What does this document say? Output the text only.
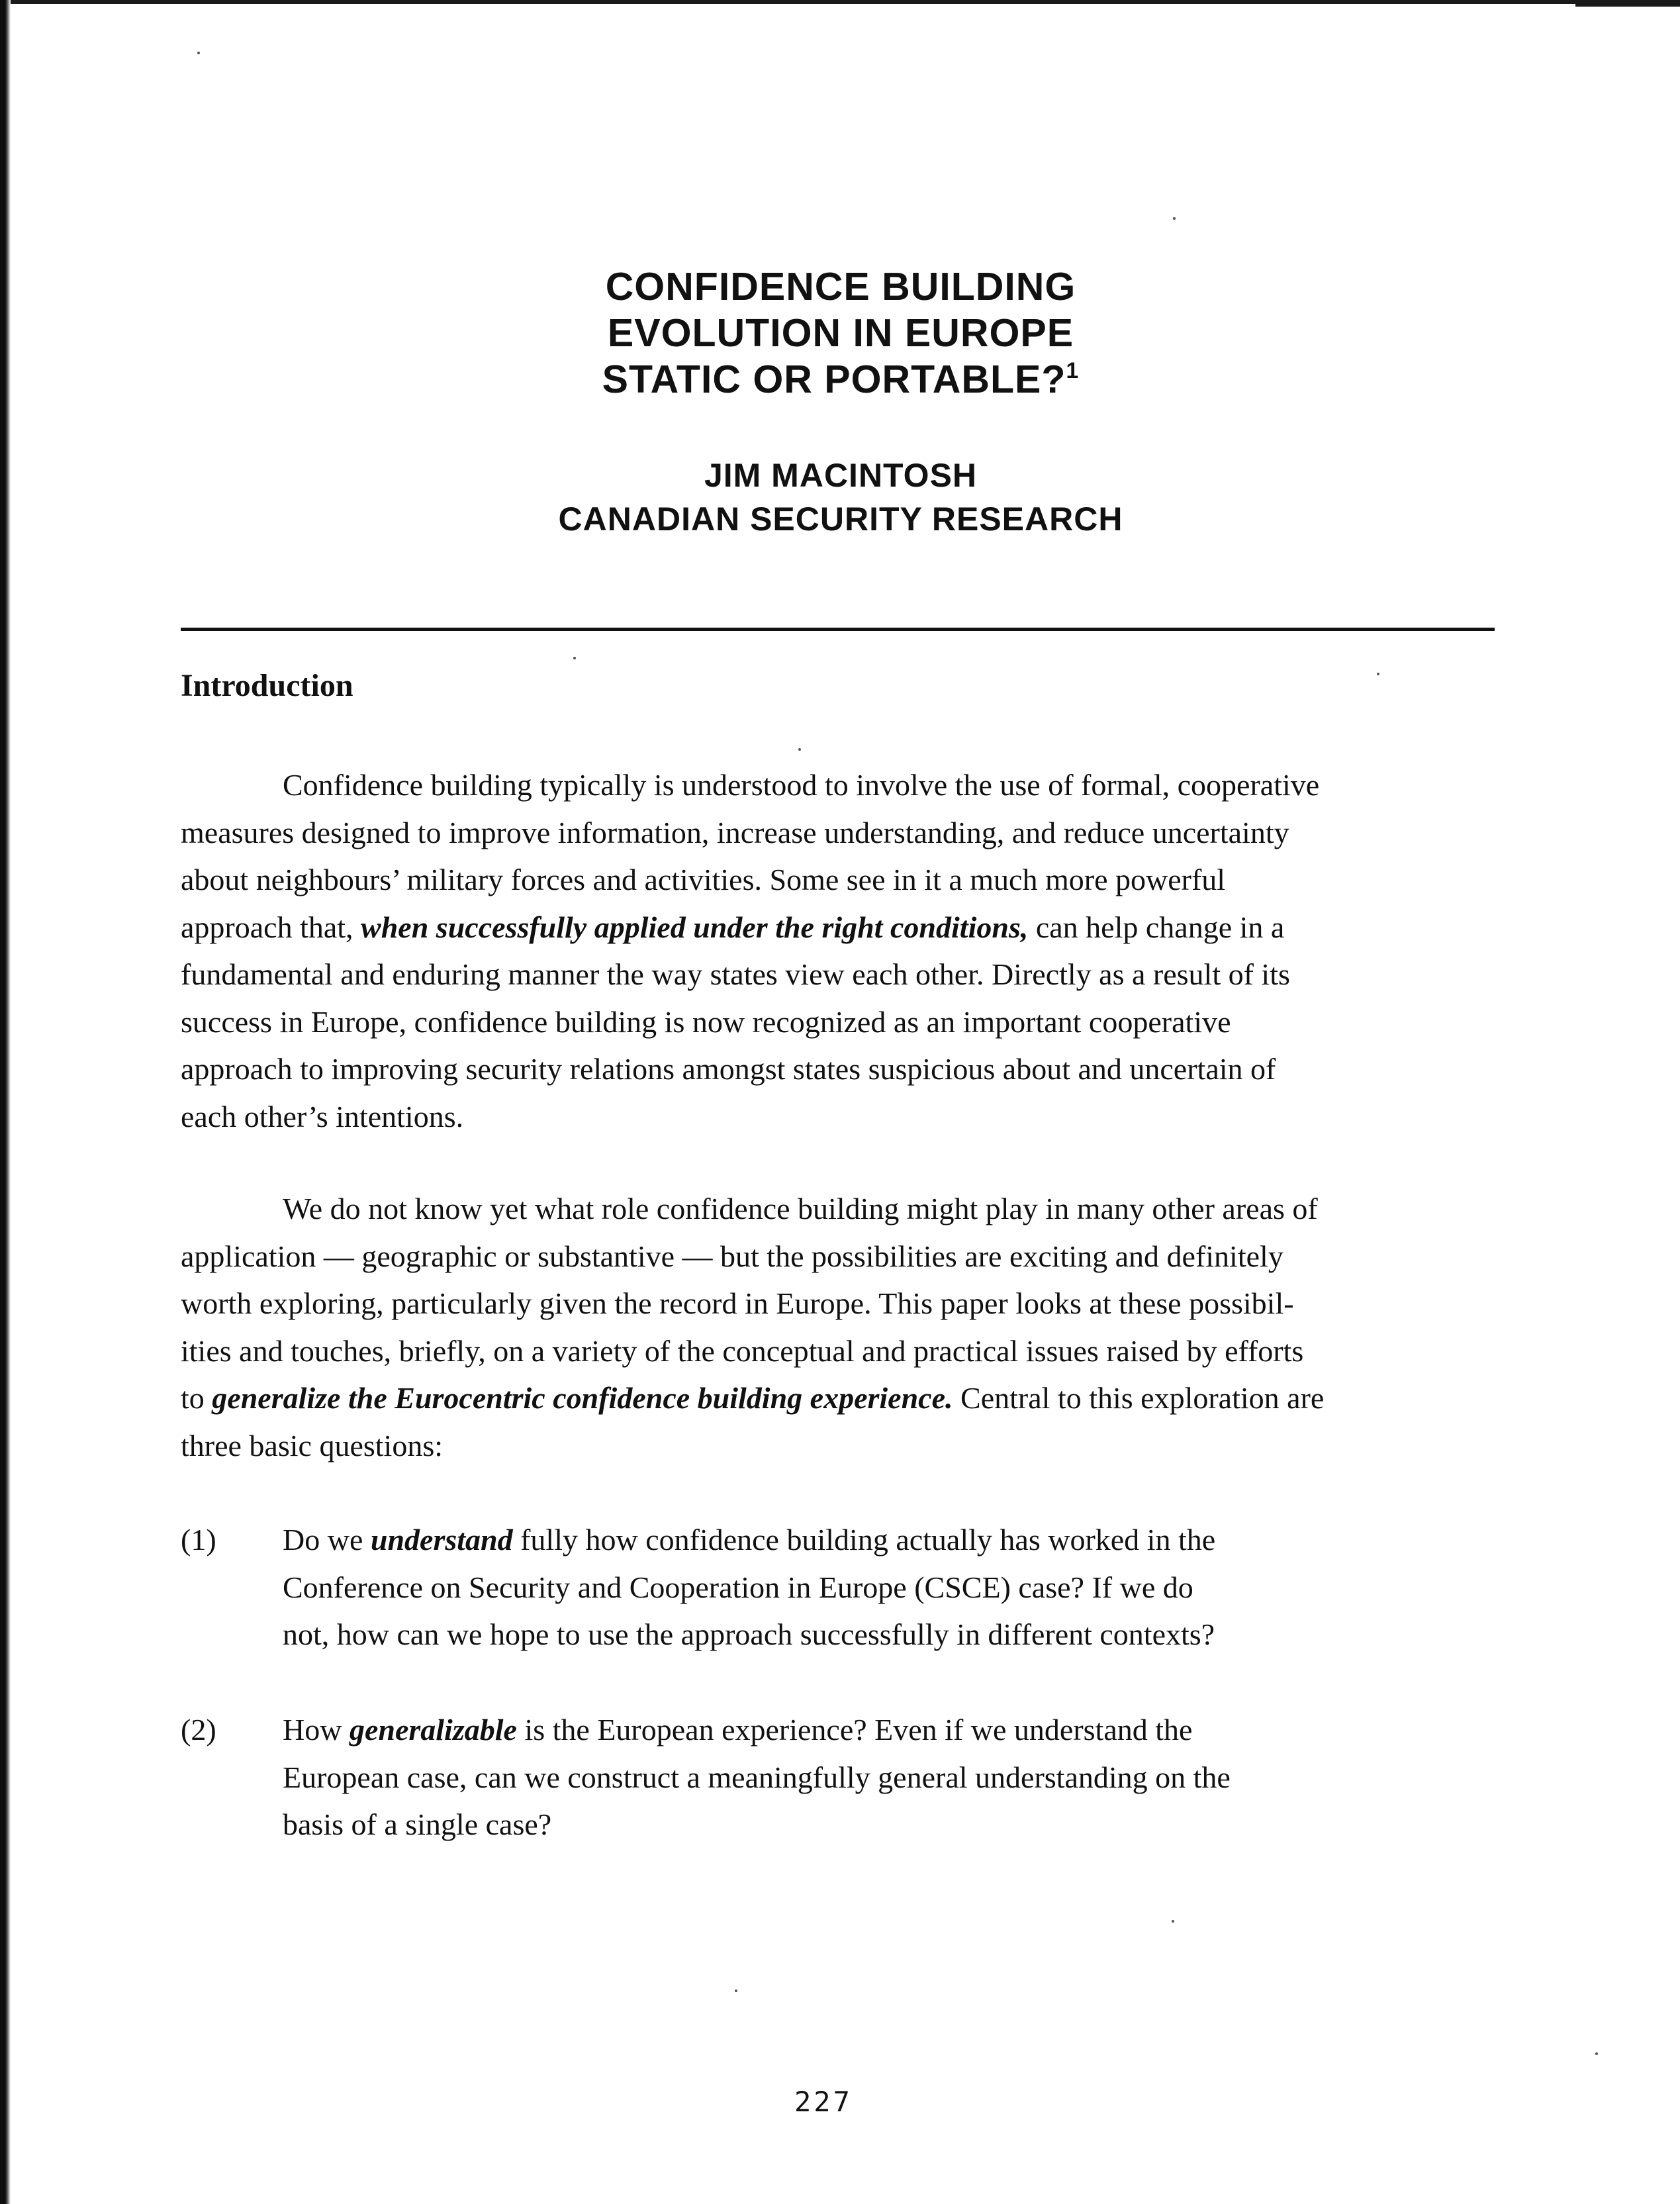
CONFIDENCE BUILDING
EVOLUTION IN EUROPE
STATIC OR PORTABLE?$^1$
JIM MACINTOSH
CANADIAN SECURITY RESEARCH
Introduction
Confidence building typically is understood to involve the use of formal, cooperative
measures designed to improve information, increase understanding, and reduce uncertainty
about neighbours’ military forces and activities. Some see in it a much more powerful
approach that, when successfully applied under the right conditions, can help change in a
fundamental and enduring manner the way states view each other. Directly as a result of its
success in Europe, confidence building is now recognized as an important cooperative
approach to improving security relations amongst states suspicious about and uncertain of
each other’s intentions.
We do not know yet what role confidence building might play in many other areas of
application — geographic or substantive — but the possibilities are exciting and definitely
worth exploring, particularly given the record in Europe. This paper looks at these possibil-
ities and touches, briefly, on a variety of the conceptual and practical issues raised by efforts
to generalize the Eurocentric confidence building experience. Central to this exploration are
three basic questions:
(1) Do we understand fully how confidence building actually has worked in the
Conference on Security and Cooperation in Europe (CSCE) case? If we do
not, how can we hope to use the approach successfully in different contexts?
(2) How generalizable is the European experience? Even if we understand the
European case, can we construct a meaningfully general understanding on the
basis of a single case?
227
